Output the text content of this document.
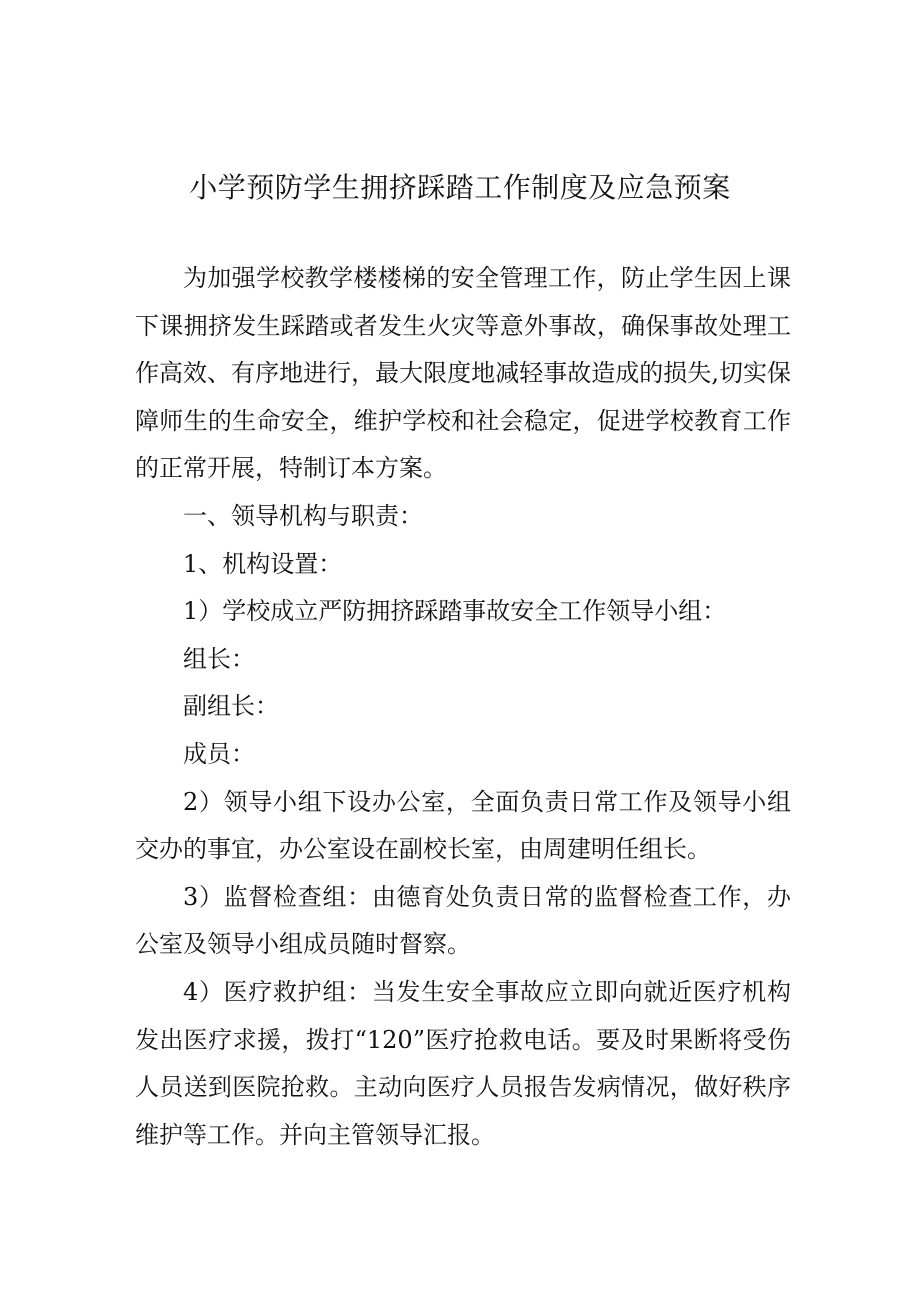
小学预防学生拥挤踩踏工作制度及应急预案

为加强学校教学楼楼梯的安全管理工作，防止学生因上课下课拥挤发生踩踏或者发生火灾等意外事故，确保事故处理工作高效、有序地进行，最大限度地减轻事故造成的损失,切实保障师生的生命安全，维护学校和社会稳定，促进学校教育工作的正常开展，特制订本方案。

一、领导机构与职责：

1、机构设置：

1）学校成立严防拥挤踩踏事故安全工作领导小组：

组长：

副组长：

成员：

2）领导小组下设办公室，全面负责日常工作及领导小组交办的事宜，办公室设在副校长室，由周建明任组长。

3）监督检查组：由德育处负责日常的监督检查工作，办公室及领导小组成员随时督察。

4）医疗救护组：当发生安全事故应立即向就近医疗机构发出医疗求援，拨打“120”医疗抢救电话。要及时果断将受伤人员送到医院抢救。主动向医疗人员报告发病情况，做好秩序维护等工作。并向主管领导汇报。
